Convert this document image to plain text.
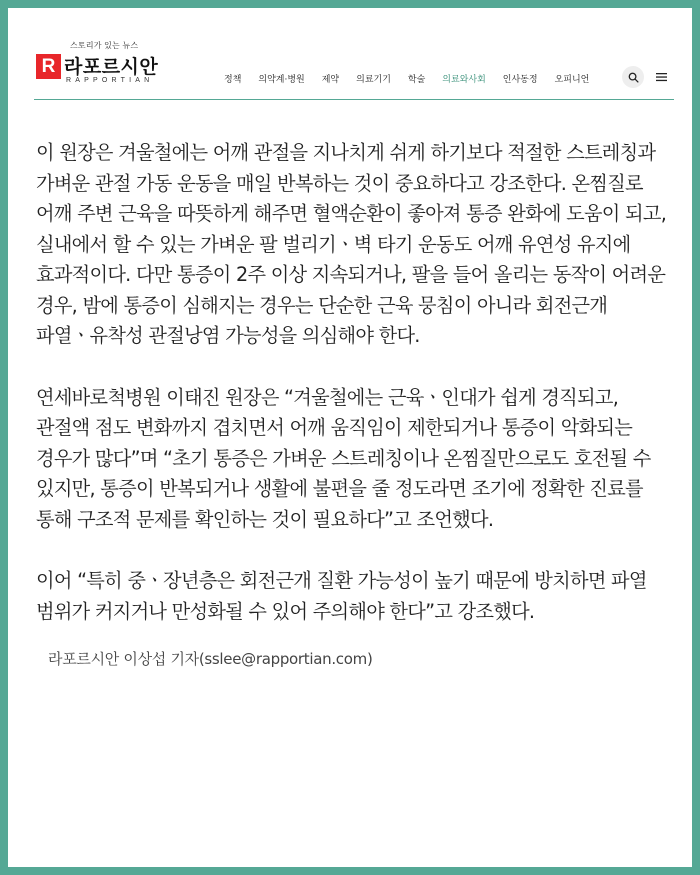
스토리가 있는 뉴스
R 라포르시안
RAPPORTIAN	정책 의약계·병원 제약 의료기기 학술 의료와사회 인사동정 오피니언

이 원장은 겨울철에는 어깨 관절을 지나치게 쉬게 하기보다 적절한 스트레칭과 가벼운 관절 가동 운동을 매일 반복하는 것이 중요하다고 강조한다. 온찜질로 어깨 주변 근육을 따뜻하게 해주면 혈액순환이 좋아져 통증 완화에 도움이 되고, 실내에서 할 수 있는 가벼운 팔 벌리기ㆍ벽 타기 운동도 어깨 유연성 유지에 효과적이다. 다만 통증이 2주 이상 지속되거나, 팔을 들어 올리는 동작이 어려운 경우, 밤에 통증이 심해지는 경우는 단순한 근육 뭉침이 아니라 회전근개 파열ㆍ유착성 관절낭염 가능성을 의심해야 한다.

연세바로척병원 이태진 원장은 “겨울철에는 근육ㆍ인대가 쉽게 경직되고, 관절액 점도 변화까지 겹치면서 어깨 움직임이 제한되거나 통증이 악화되는 경우가 많다”며 “초기 통증은 가벼운 스트레칭이나 온찜질만으로도 호전될 수 있지만, 통증이 반복되거나 생활에 불편을 줄 정도라면 조기에 정확한 진료를 통해 구조적 문제를 확인하는 것이 필요하다”고 조언했다.

이어 “특히 중ㆍ장년층은 회전근개 질환 가능성이 높기 때문에 방치하면 파열 범위가 커지거나 만성화될 수 있어 주의해야 한다”고 강조했다.

라포르시안 이상섭 기자(sslee@rapportian.com)
